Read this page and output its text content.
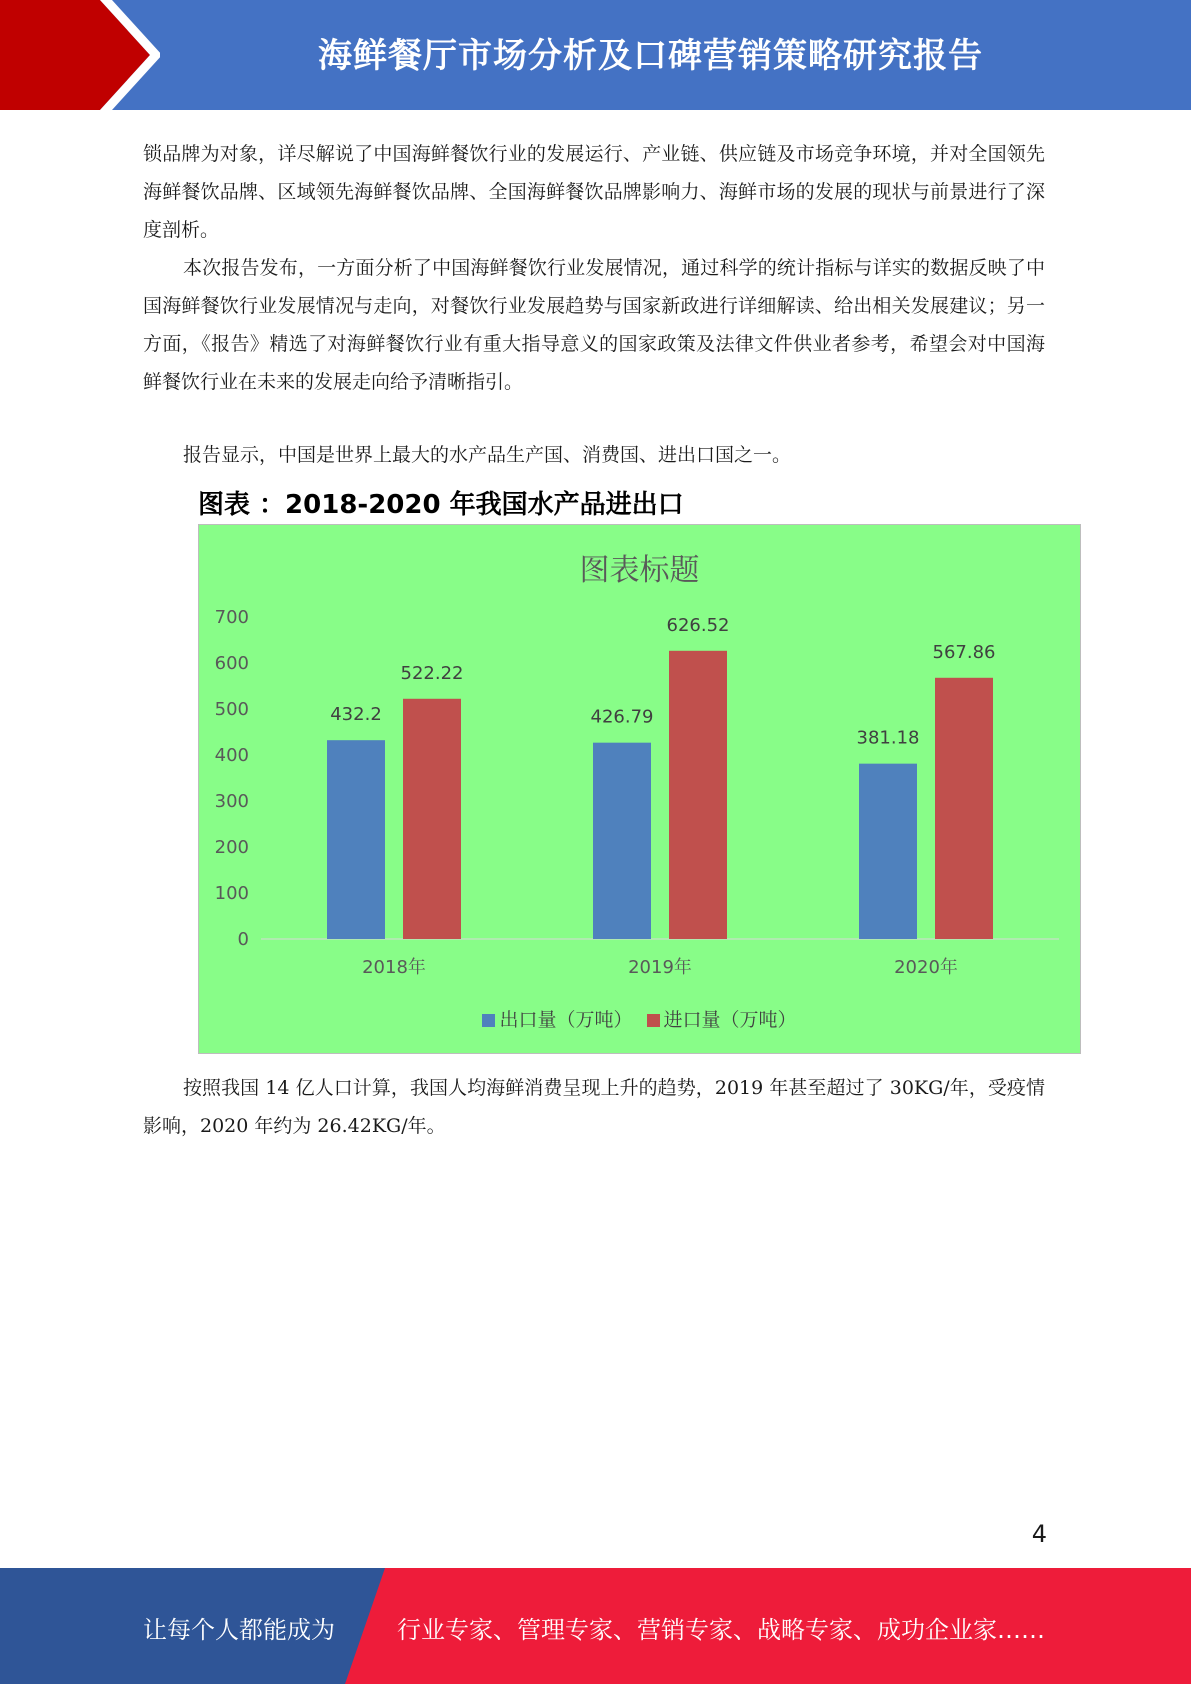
海鲜餐厅市场分析及口碑营销策略研究报告

锁品牌为对象，详尽解说了中国海鲜餐饮行业的发展运行、产业链、供应链及市场竞争环境，并对全国领先海鲜餐饮品牌、区域领先海鲜餐饮品牌、全国海鲜餐饮品牌影响力、海鲜市场的发展的现状与前景进行了深度剖析。

本次报告发布，一方面分析了中国海鲜餐饮行业发展情况，通过科学的统计指标与详实的数据反映了中国海鲜餐饮行业发展情况与走向，对餐饮行业发展趋势与国家新政进行详细解读、给出相关发展建议；另一方面，《报告》精选了对海鲜餐饮行业有重大指导意义的国家政策及法律文件供业者参考，希望会对中国海鲜餐饮行业在未来的发展走向给予清晰指引。

报告显示，中国是世界上最大的水产品生产国、消费国、进出口国之一。

图表 ：2018-2020 年我国水产品进出口
图表标题
0
100
200
300
400
500
600
700
432.2
522.22
2018年
426.79
626.52
2019年
381.18
567.86
2020年
出口量（万吨） 进口量（万吨）

按照我国 14 亿人口计算，我国人均海鲜消费呈现上升的趋势，2019 年甚至超过了 30KG/年，受疫情影响，2020 年约为 26.42KG/年。

4
让每个人都能成为	行业专家、管理专家、营销专家、战略专家、成功企业家……
